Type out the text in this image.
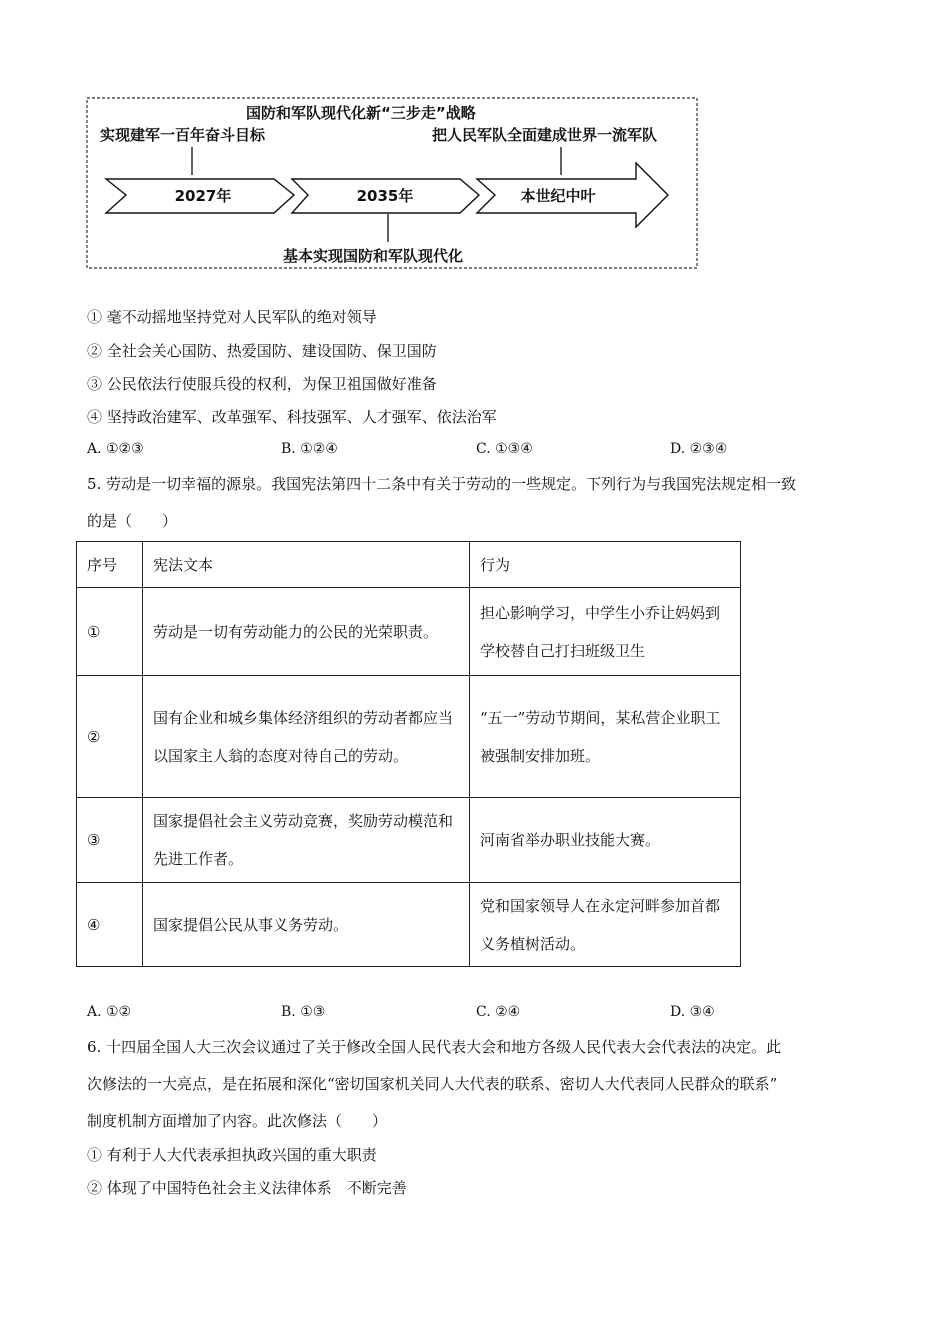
国防和军队现代化新“三步走”战略
实现建军一百年奋斗目标	把人民军队全面建成世界一流军队
2027年	2035年	本世纪中叶
基本实现国防和军队现代化
① 毫不动摇地坚持党对人民军队的绝对领导
② 全社会关心国防、热爱国防、建设国防、保卫国防
③ 公民依法行使服兵役的权利，为保卫祖国做好准备
④ 坚持政治建军、改革强军、科技强军、人才强军、依法治军
A. ①②③	B. ①②④	C. ①③④	D. ②③④
5. 劳动是一切幸福的源泉。我国宪法第四十二条中有关于劳动的一些规定。下列行为与我国宪法规定相一致
的是（　　）
序号	宪法文本	行为
①	劳动是一切有劳动能力的公民的光荣职责。	担心影响学习，中学生小乔让妈妈到学校替自己打扫班级卫生
②	国有企业和城乡集体经济组织的劳动者都应当以国家主人翁的态度对待自己的劳动。	“五一”劳动节期间，某私营企业职工被强制安排加班。
③	国家提倡社会主义劳动竞赛，奖励劳动模范和先进工作者。	河南省举办职业技能大赛。
④	国家提倡公民从事义务劳动。	党和国家领导人在永定河畔参加首都义务植树活动。
A. ①②	B. ①③	C. ②④	D. ③④
6. 十四届全国人大三次会议通过了关于修改全国人民代表大会和地方各级人民代表大会代表法的决定。此
次修法的一大亮点，是在拓展和深化“密切国家机关同人大代表的联系、密切人大代表同人民群众的联系”
制度机制方面增加了内容。此次修法（　　）
① 有利于人大代表承担执政兴国的重大职责
② 体现了中国特色社会主义法律体系　不断完善
